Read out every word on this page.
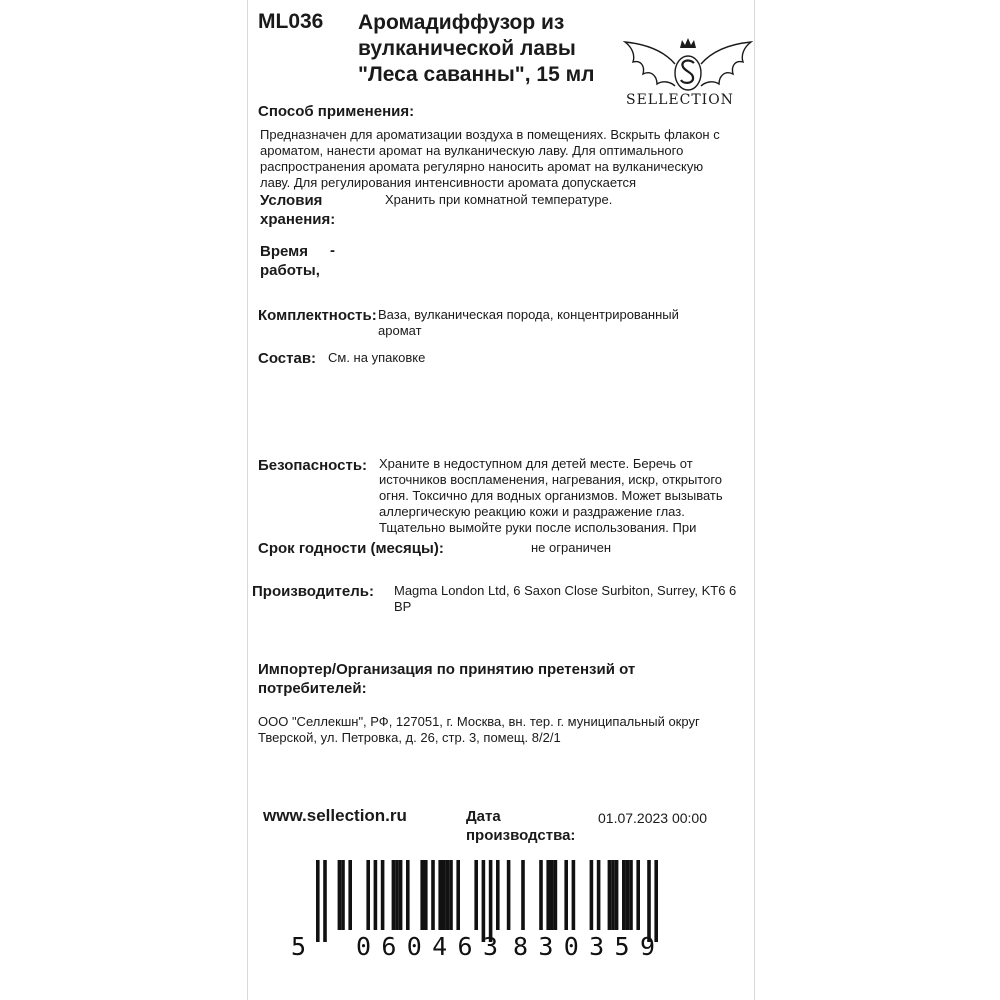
ML036 Аромадиффузор из
вулканической лавы
"Леса саванны", 15 мл
SELLECTION
Способ применения:
Предназначен для ароматизации воздуха в помещениях. Вскрыть флакон с
ароматом, нанести аромат на вулканическую лаву. Для оптимального
распространения аромата регулярно наносить аромат на вулканическую
лаву. Для регулирования интенсивности аромата допускается
Условия
хранения:
Хранить при комнатной температуре.
Время
работы,
-
Комплектность: Ваза, вулканическая порода, концентрированный
аромат
Состав: См. на упаковке
Безопасность: Храните в недоступном для детей месте. Беречь от
источников воспламенения, нагревания, искр, открытого
огня. Токсично для водных организмов. Может вызывать
аллергическую реакцию кожи и раздражение глаз.
Тщательно вымойте руки после использования. При
Срок годности (месяцы):	не ограничен
Производитель: Magma London Ltd, 6 Saxon Close Surbiton, Surrey, KT6 6
BP
Импортер/Организация по принятию претензий от
потребителей:
ООО "Селлекшн", РФ, 127051, г. Москва, вн. тер. г. муниципальный округ
Тверской, ул. Петровка, д. 26, стр. 3, помещ. 8/2/1
www.sellection.ru	Дата
производства:
01.07.2023 00:00
5 060463 830359
